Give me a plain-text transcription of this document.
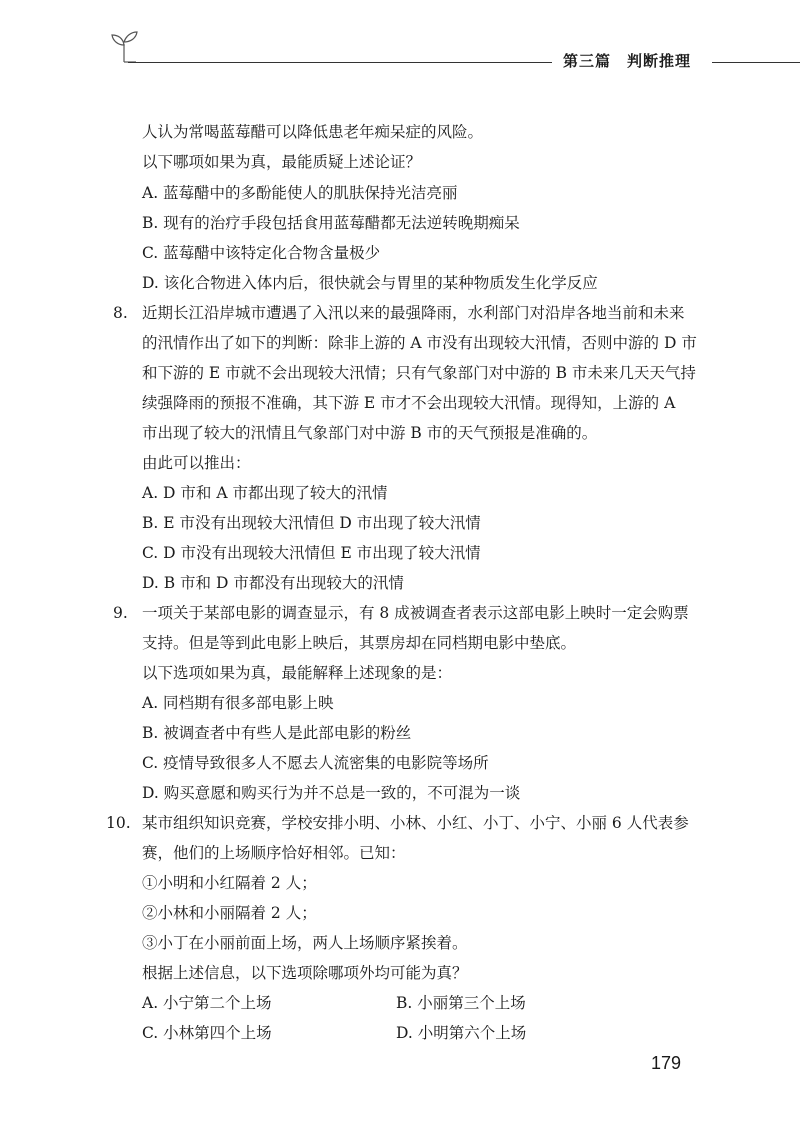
第三篇　判断推理
人认为常喝蓝莓醋可以降低患老年痴呆症的风险。
以下哪项如果为真，最能质疑上述论证？
A. 蓝莓醋中的多酚能使人的肌肤保持光洁亮丽
B. 现有的治疗手段包括食用蓝莓醋都无法逆转晚期痴呆
C. 蓝莓醋中该特定化合物含量极少
D. 该化合物进入体内后，很快就会与胃里的某种物质发生化学反应
8. 近期长江沿岸城市遭遇了入汛以来的最强降雨，水利部门对沿岸各地当前和未来
的汛情作出了如下的判断：除非上游的 A 市没有出现较大汛情，否则中游的 D 市
和下游的 E 市就不会出现较大汛情；只有气象部门对中游的 B 市未来几天天气持
续强降雨的预报不准确，其下游 E 市才不会出现较大汛情。现得知，上游的 A
市出现了较大的汛情且气象部门对中游 B 市的天气预报是准确的。
由此可以推出：
A. D 市和 A 市都出现了较大的汛情
B. E 市没有出现较大汛情但 D 市出现了较大汛情
C. D 市没有出现较大汛情但 E 市出现了较大汛情
D. B 市和 D 市都没有出现较大的汛情
9. 一项关于某部电影的调查显示，有 8 成被调查者表示这部电影上映时一定会购票
支持。但是等到此电影上映后，其票房却在同档期电影中垫底。
以下选项如果为真，最能解释上述现象的是：
A. 同档期有很多部电影上映
B. 被调查者中有些人是此部电影的粉丝
C. 疫情导致很多人不愿去人流密集的电影院等场所
D. 购买意愿和购买行为并不总是一致的，不可混为一谈
10. 某市组织知识竞赛，学校安排小明、小林、小红、小丁、小宁、小丽 6 人代表参
赛，他们的上场顺序恰好相邻。已知：
①小明和小红隔着 2 人；
②小林和小丽隔着 2 人；
③小丁在小丽前面上场，两人上场顺序紧挨着。
根据上述信息，以下选项除哪项外均可能为真？
A. 小宁第二个上场	B. 小丽第三个上场
C. 小林第四个上场	D. 小明第六个上场
179
